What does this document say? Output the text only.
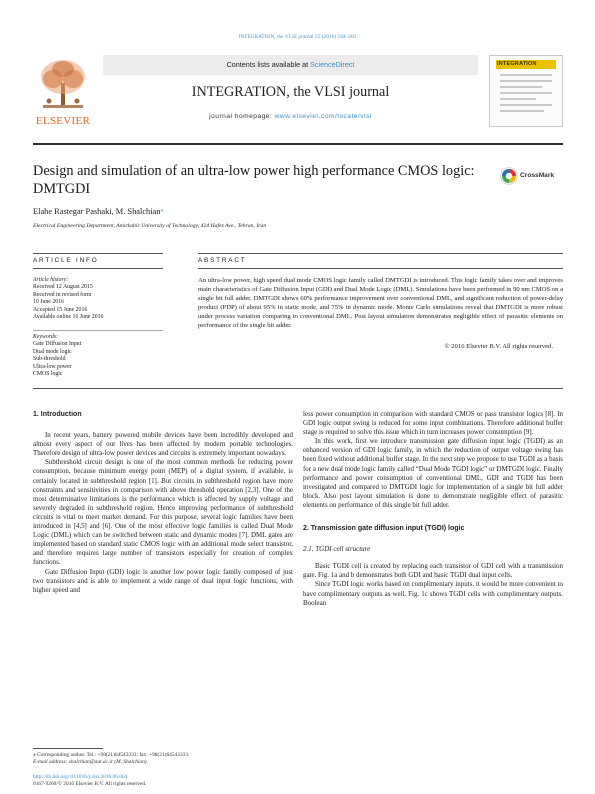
INTEGRATION, the VLSI journal 55 (2016) 194–201
ELSEVIER
Contents lists available at ScienceDirect
INTEGRATION, the VLSI journal
journal homepage: www.elsevier.com/locate/vlsi
INTEGRATION
Design and simulation of an ultra-low power high performance CMOS logic: DMTGDI
CrossMark
Elahe Rastegar Pashaki, M. Shalchian⁎
Electrical Engineering Department, Amirkabir University of Technology, 424 Hafez Ave., Tehran, Iran
ARTICLE INFO	ABSTRACT
Article history:
Received 12 August 2015
Received in revised form
10 June 2016
Accepted 15 June 2016
Available online 16 June 2016
Keywords:
Gate Diffusion Input
Dual mode logic
Sub-threshold
Ultra-low power
CMOS logic
An ultra-low power, high speed dual mode CMOS logic family called DMTGDI is introduced. This logic family takes over and improves main characteristics of Gate Diffusion Input (GDI) and Dual Mode Logic (DML). Simulations have been performed in 90 nm CMOS on a single bit full adder. DMTGDI shows 60% performance improvement over conventional DML, and significant reduction of power-delay product (PDP) of about 95% in static mode, and 75% in dynamic mode. Monte Carlo simulations reveal that DMTGDI is more robust under process variation comparing to conventional DML. Post layout simulation demonstrates negligible effect of parasitic elements on performance of the single bit adder.
© 2016 Elsevier B.V. All rights reserved.
1. Introduction

In recent years, battery powered mobile devices have been incredibly developed and almost every aspect of our lives has been affected by modern portable technologies. Therefore design of ultra-low power devices and circuits is extremely important nowadays.

Subthreshold circuit design is one of the most common methods for reducing power consumption, because minimum energy point (MEP) of a digital system, if available, is certainly located in subthreshold region [1]. But circuits in subthreshold region have more constraints and sensitivities in comparison with above threshold operation [2,3]. One of the most determinative limitations is the performance which is affected by supply voltage and severely degraded in subthreshold region. Hence improving performance of subthreshold circuits is vital to meet market demand. For this purpose, several logic families have been introduced in [4,5] and [6]. One of the most effective logic families is called Dual Mode Logic (DML) which can be switched between static and dynamic modes [7]. DML gates are implemented based on standard static CMOS logic with an additional mode select transistor, and therefore requires large number of transistors especially for creation of complex functions.

Gate Diffusion Input (GDI) logic is another low power logic family composed of just two transistors and is able to implement a wide range of dual input logic functions, with higher speed and

less power consumption in comparison with standard CMOS or pass transistor logics [8]. In GDI logic output swing is reduced for some input combinations. Therefore additional buffer stage is required to solve this issue which in turn increases power consumption [9].

In this work, first we introduce transmission gate diffusion input logic (TGDI) as an enhanced version of GDI logic family, in which the reduction of output voltage swing has been fixed without additional buffer stage. In the next step we propose to use TGDI as a basis for a new dual mode logic family called “Dual Mode TGDI logic” or DMTGDI logic. Finally performance and power consumption of conventional DML, GDI and TGDI has been investigated and compared to DMTGDI logic for implementation of a single bit full adder block. Also post layout simulation is done to demonstrate negligible effect of parasitic elements on performance of this single bit full adder.

2. Transmission gate diffusion input (TGDI) logic
2.1. TGDI cell structure

Basic TGDI cell is created by replacing each transistor of GDI cell with a transmission gate. Fig. 1a and b demonstrates both GDI and basic TGDI dual input cells.

Since TGDI logic works based on complimentary inputs, it would be more convenient to have complimentary outputs as well. Fig. 1c shows TGDI cells with complimentary outputs. Boolean

⁎ Corresponding author. Tel.: +98(21)64543333; fax: +98(21)64543333.
E-mail address: shalchian@aut.ac.ir (M. Shalchian).
http://dx.doi.org/10.1016/j.vlsi.2016.06.004
0167-9260/© 2016 Elsevier B.V. All rights reserved.
